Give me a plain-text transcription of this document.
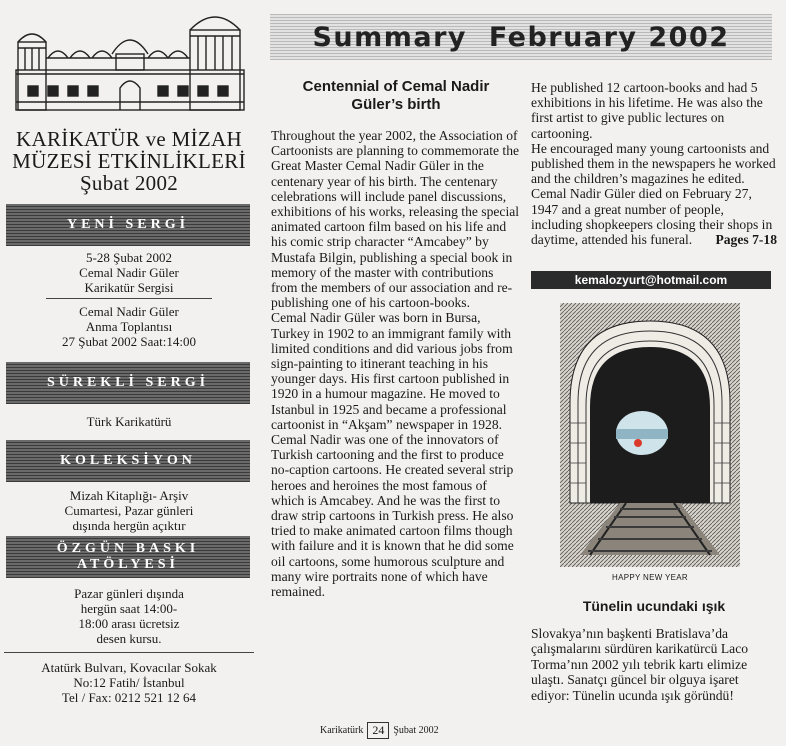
KARİKATÜR ve MİZAH
MÜZESİ ETKİNLİKLERİ
Şubat 2002
YENİ SERGİ
5-28 Şubat 2002
Cemal Nadir Güler
Karikatür Sergisi
Cemal Nadir Güler
Anma Toplantısı
27 Şubat 2002 Saat:14:00
SÜREKLİ SERGİ
Türk Karikatürü
KOLEKSİYON
Mizah Kitaplığı- Arşiv
Cumartesi, Pazar günleri
dışında hergün açıktır
ÖZGÜN BASKI
ATÖLYESİ
Pazar günleri dışında
hergün saat 14:00-
18:00 arası ücretsiz
desen kursu.
Atatürk Bulvarı, Kovacılar Sokak
No:12 Fatih/ İstanbul
Tel / Fax: 0212 521 12 64
Summary  February 2002
Centennial of Cemal Nadir
Güler’s birth

Throughout the year 2002, the Association of Cartoonists are planning to commemorate the Great Master Cemal Nadir Güler in the centenary year of his birth. The centenary celebrations will include panel discussions, exhibitions of his works, releasing the special animated cartoon film based on his life and his comic strip character “Amcabey” by Mustafa Bilgin, publishing a special book in memory of the master with contributions from the members of our association and re-publishing one of his cartoon-books.

Cemal Nadir Güler was born in Bursa, Turkey in 1902 to an immigrant family with limited conditions and did various jobs from sign-painting to itinerant teaching in his younger days. His first cartoon published in 1920 in a humour magazine. He moved to Istanbul in 1925 and became a professional cartoonist in “Akşam” newspaper in 1928. Cemal Nadir was one of the innovators of Turkish cartooning and the first to produce no-caption cartoons. He created several strip heroes and heroines the most famous of which is Amcabey. And he was the first to draw strip cartoons in Turkish press. He also tried to make animated cartoon films though with failure and it is known that he did some oil cartoons, some humorous sculpture and many wire portraits none of which have remained.

He published 12 cartoon-books and had 5 exhibitions in his lifetime. He was also the first artist to give public lectures on cartooning.

He encouraged many young cartoonists and published them in the newspapers he worked and the children’s magazines he edited. Cemal Nadir Güler died on February 27, 1947 and a great number of people, including shopkeepers closing their shops in daytime, attended his funeral. Pages 7-18

kemalozyurt@hotmail.com
HAPPY NEW YEAR
Tünelin ucundaki ışık
Slovakya’nın başkenti Bratislava’da çalışmalarını sürdüren karikatürcü Laco Torma’nın 2002 yılı tebrik kartı elimize ulaştı. Sanatçı güncel bir olguya işaret ediyor: Tünelin ucunda ışık göründü!
Karikatürk 24 Şubat 2002
